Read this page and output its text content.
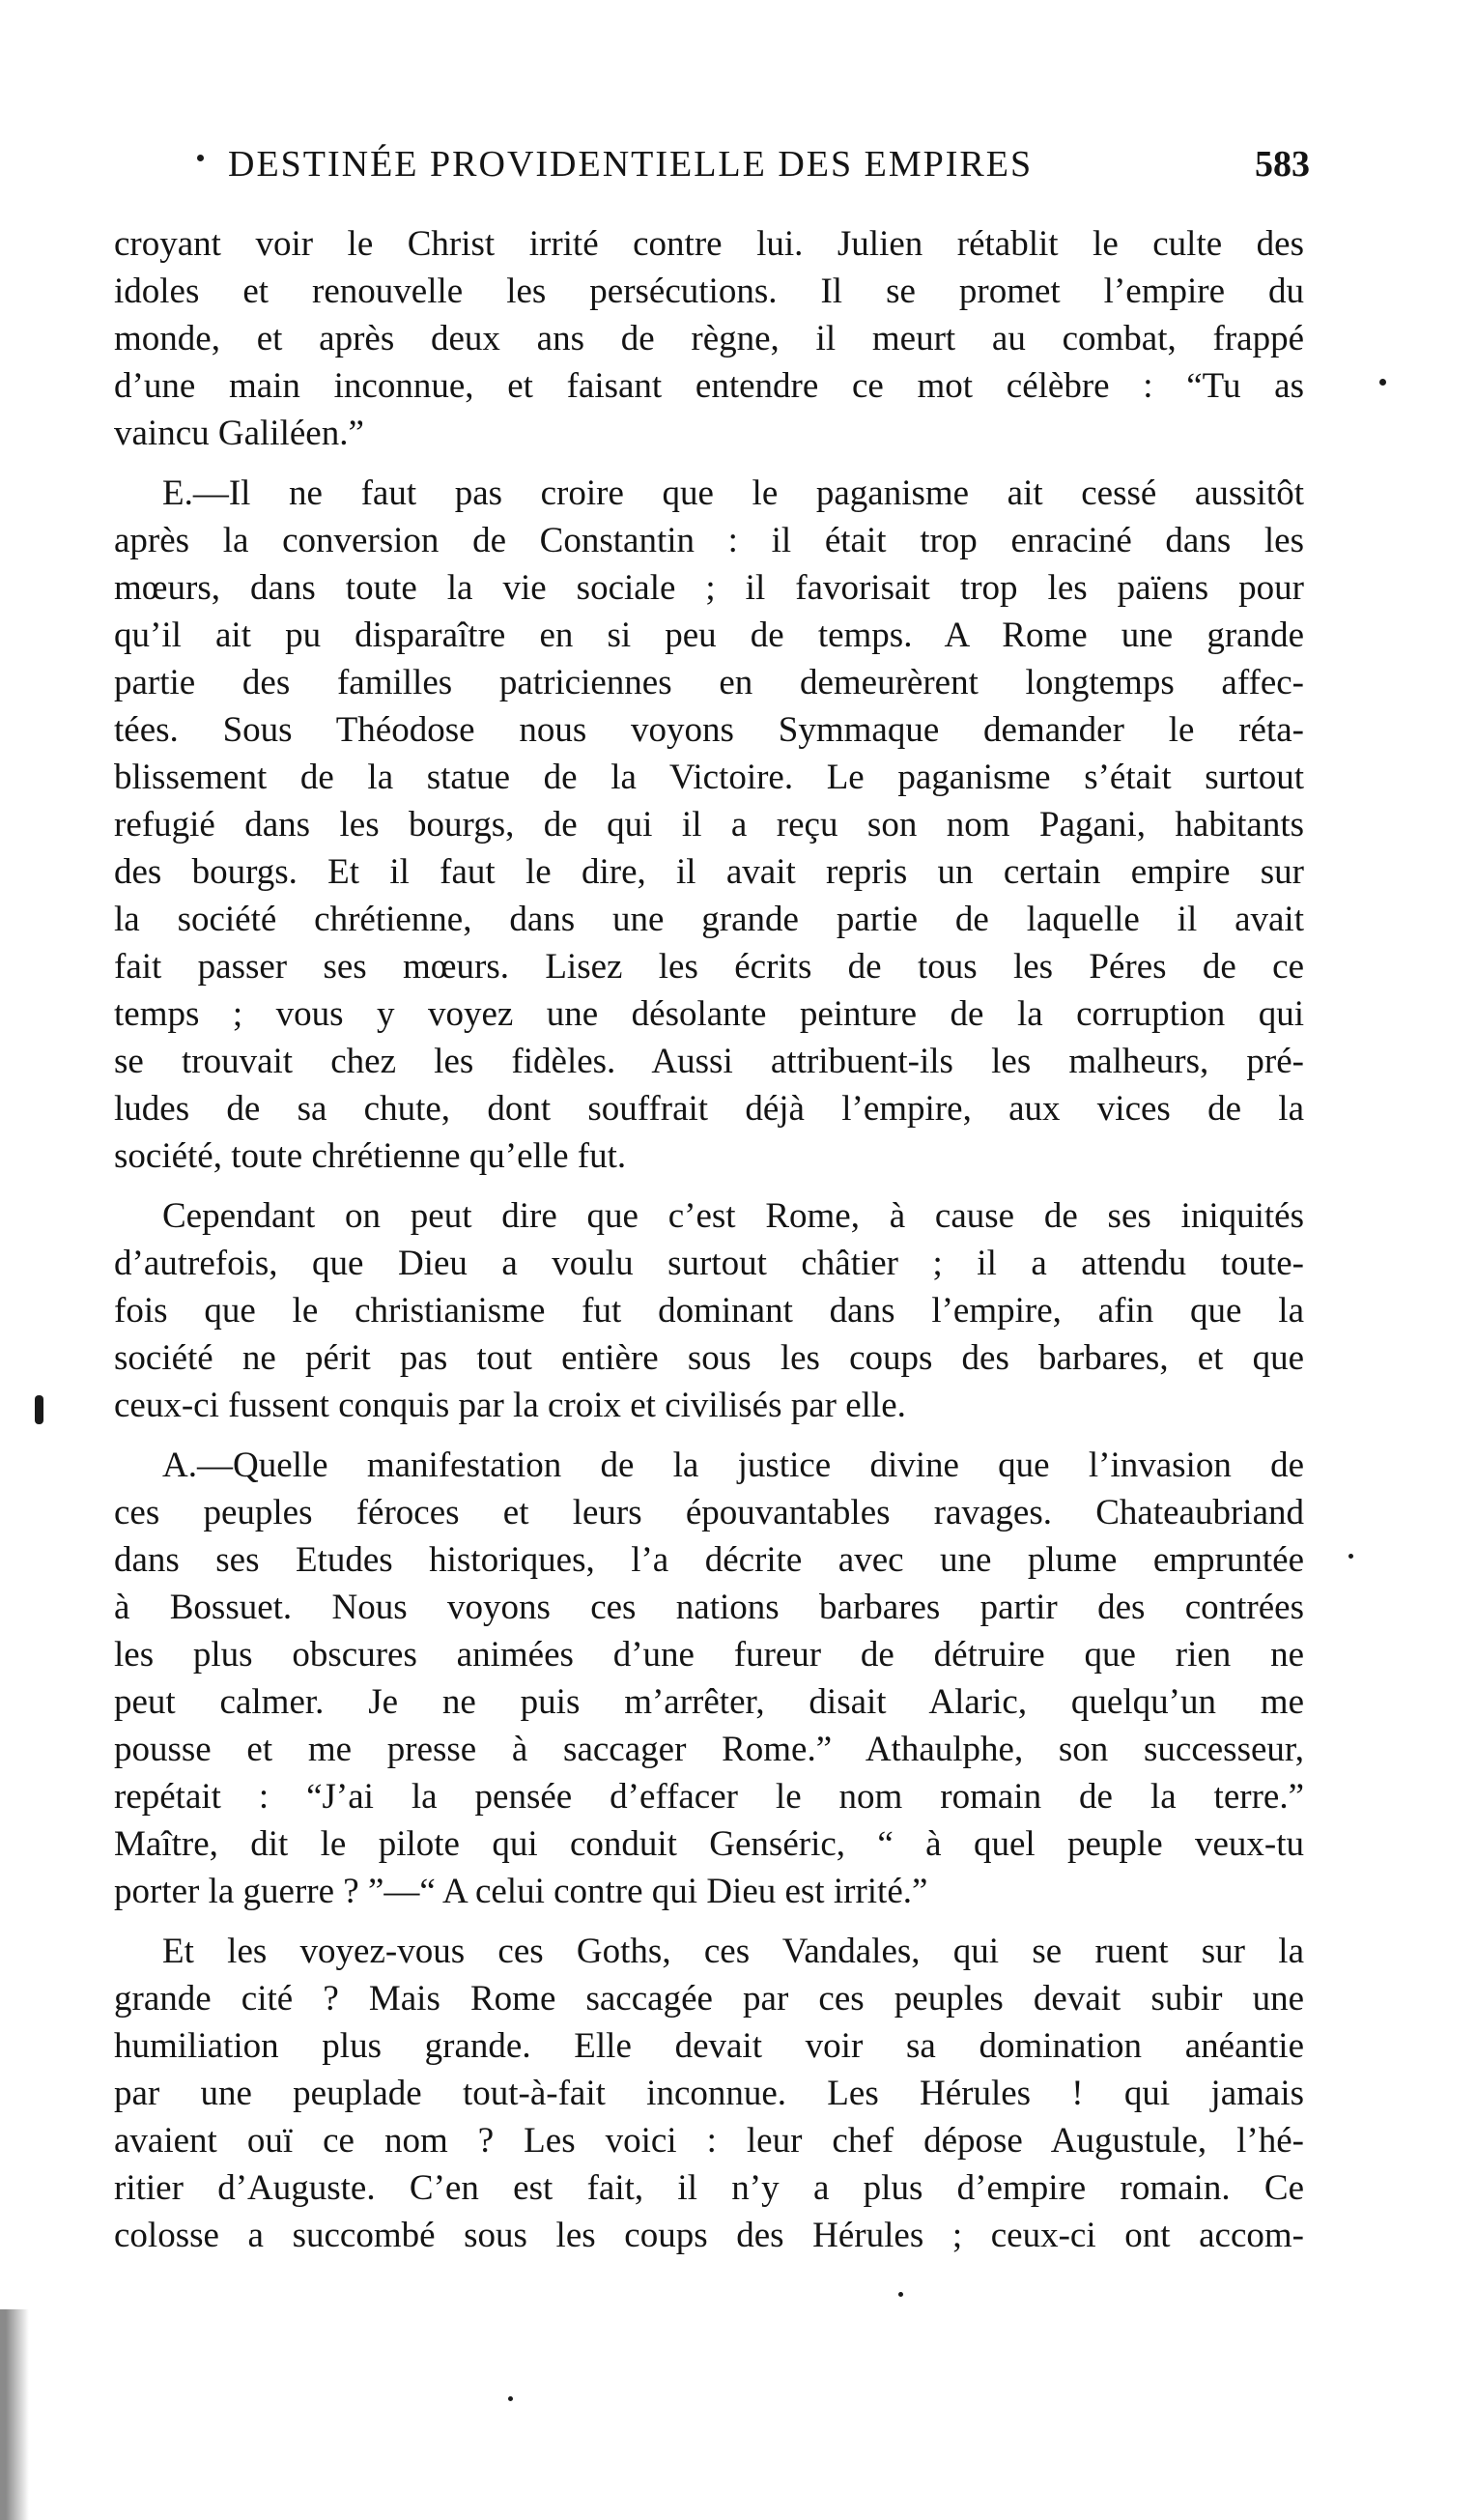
DESTINÉE PROVIDENTIELLE DES EMPIRES	583
croyant voir le Christ irrité contre lui. Julien rétablit le culte des
idoles et renouvelle les persécutions. Il se promet l’empire du
monde, et après deux ans de règne, il meurt au combat, frappé
d’une main inconnue, et faisant entendre ce mot célèbre : “Tu as
vaincu Galiléen.”
E.—Il ne faut pas croire que le paganisme ait cessé aussitôt
après la conversion de Constantin : il était trop enraciné dans les
mœurs, dans toute la vie sociale ; il favorisait trop les païens pour
qu’il ait pu disparaître en si peu de temps. A Rome une grande
partie des familles patriciennes en demeurèrent longtemps affec-
tées. Sous Théodose nous voyons Symmaque demander le réta-
blissement de la statue de la Victoire. Le paganisme s’était surtout
refugié dans les bourgs, de qui il a reçu son nom Pagani, habitants
des bourgs. Et il faut le dire, il avait repris un certain empire sur
la société chrétienne, dans une grande partie de laquelle il avait
fait passer ses mœurs. Lisez les écrits de tous les Péres de ce
temps ; vous y voyez une désolante peinture de la corruption qui
se trouvait chez les fidèles. Aussi attribuent-ils les malheurs, pré-
ludes de sa chute, dont souffrait déjà l’empire, aux vices de la
société, toute chrétienne qu’elle fut.
Cependant on peut dire que c’est Rome, à cause de ses iniquités
d’autrefois, que Dieu a voulu surtout châtier ; il a attendu toute-
fois que le christianisme fut dominant dans l’empire, afin que la
société ne périt pas tout entière sous les coups des barbares, et que
ceux-ci fussent conquis par la croix et civilisés par elle.
A.—Quelle manifestation de la justice divine que l’invasion de
ces peuples féroces et leurs épouvantables ravages. Chateaubriand
dans ses Etudes historiques, l’a décrite avec une plume empruntée
à Bossuet. Nous voyons ces nations barbares partir des contrées
les plus obscures animées d’une fureur de détruire que rien ne
peut calmer. Je ne puis m’arrêter, disait Alaric, quelqu’un me
pousse et me presse à saccager Rome.” Athaulphe, son successeur,
repétait : “J’ai la pensée d’effacer le nom romain de la terre.”
Maître, dit le pilote qui conduit Genséric, “ à quel peuple veux-tu
porter la guerre ? ”—“ A celui contre qui Dieu est irrité.”
Et les voyez-vous ces Goths, ces Vandales, qui se ruent sur la
grande cité ? Mais Rome saccagée par ces peuples devait subir une
humiliation plus grande. Elle devait voir sa domination anéantie
par une peuplade tout-à-fait inconnue. Les Hérules ! qui jamais
avaient ouï ce nom ? Les voici : leur chef dépose Augustule, l’hé-
ritier d’Auguste. C’en est fait, il n’y a plus d’empire romain. Ce
colosse a succombé sous les coups des Hérules ; ceux-ci ont accom-
